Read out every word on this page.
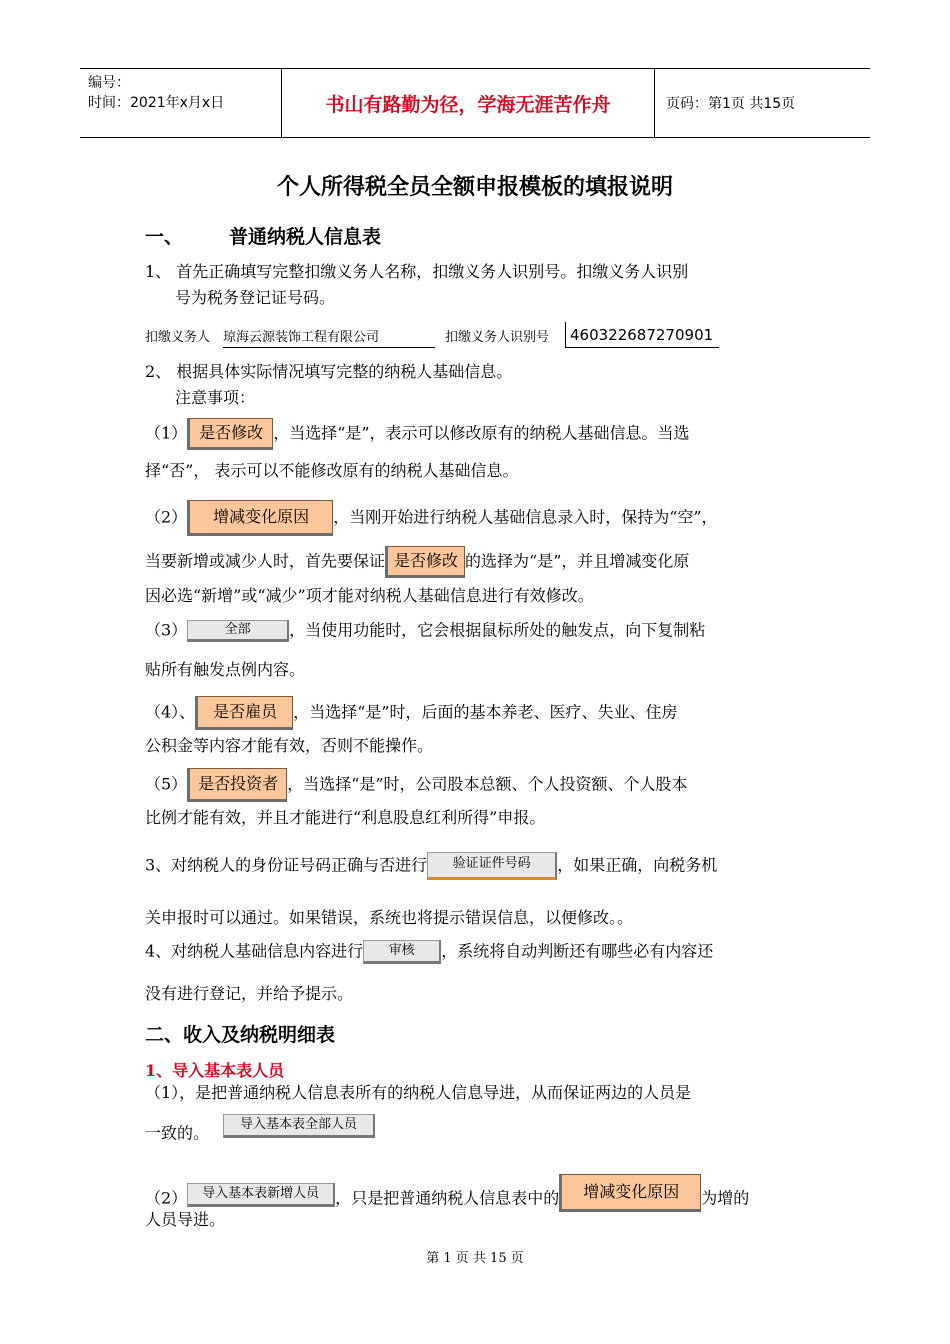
编号：
时间：2021年x月x日	书山有路勤为径，学海无涯苦作舟	页码：第1页 共15页
个人所得税全员全额申报模板的填报说明
一、 普通纳税人信息表
1、 首先正确填写完整扣缴义务人名称，扣缴义务人识别号。扣缴义务人识别
号为税务登记证号码。
扣缴义务人 琼海云源装饰工程有限公司	扣缴义务人识别号	460322687270901
2、 根据具体实际情况填写完整的纳税人基础信息。
注意事项：
（1） 是否修改 ，当选择“是”，表示可以修改原有的纳税人基础信息。当选
择“否”， 表示可以不能修改原有的纳税人基础信息。
（2） 增减变化原因 ，当刚开始进行纳税人基础信息录入时，保持为“空”，
当要新增或减少人时，首先要保证 是否修改 的选择为“是”，并且增减变化原
因必选“新增”或“减少”项才能对纳税人基础信息进行有效修改。
（3）	全部 ，当使用功能时，它会根据鼠标所处的触发点，向下复制粘
贴所有触发点例内容。
（4）、 是否雇员 ，当选择“是”时，后面的基本养老、医疗、失业、住房
公积金等内容才能有效，否则不能操作。
（5） 是否投资者 ，当选择“是”时，公司股本总额、个人投资额、个人股本
比例才能有效，并且才能进行“利息股息红利所得”申报。
3、对纳税人的身份证号码正确与否进行 验证证件号码 ，如果正确，向税务机
关申报时可以通过。如果错误，系统也将提示错误信息，以便修改。。
4、对纳税人基础信息内容进行 审核 ，系统将自动判断还有哪些必有内容还
没有进行登记，并给予提示。
二、收入及纳税明细表
1、导入基本表人员
（1），是把普通纳税人信息表所有的纳税人信息导进，从而保证两边的人员是
一致的。 导入基本表全部人员
（2） 导入基本表新增人员 ，只是把普通纳税人信息表中的 增减变化原因 为增的
人员导进。
第 1 页 共 15 页
